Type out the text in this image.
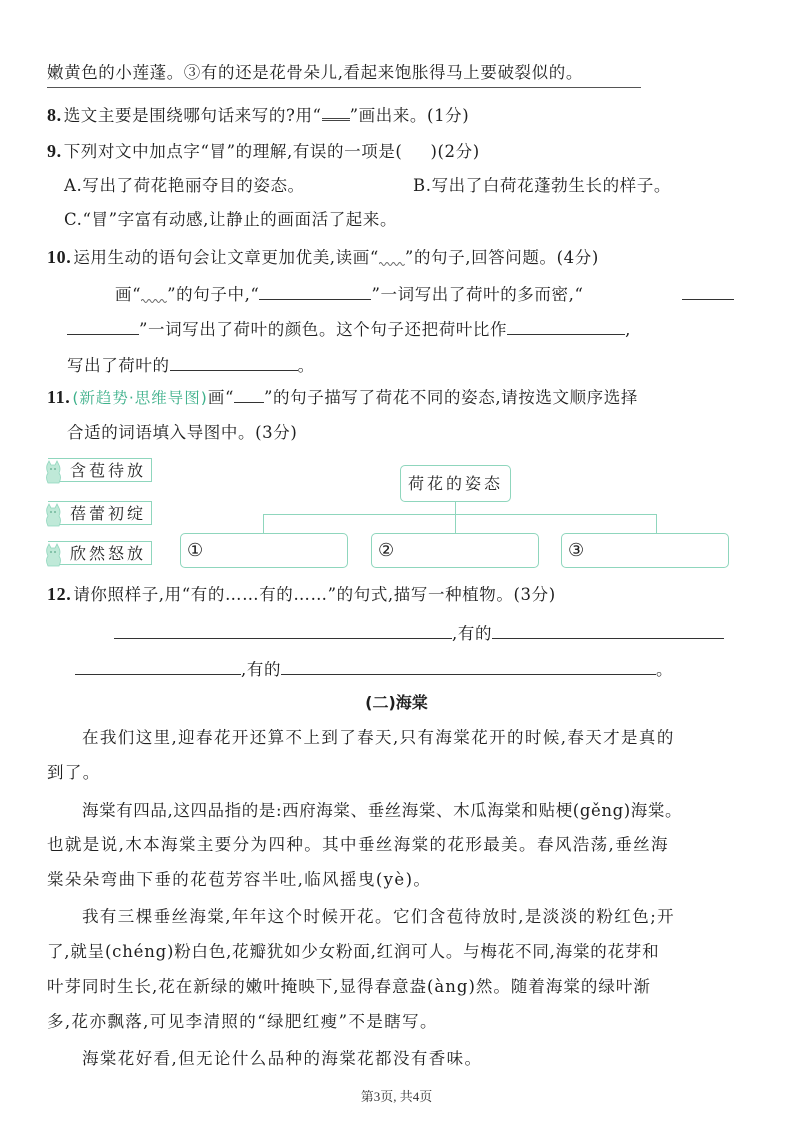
嫩黄色的小莲蓬。③有的还是花骨朵儿,看起来饱胀得马上要破裂似的。
8. 选文主要是围绕哪句话来写的?用“ ”画出来。(1分)
9. 下列对文中加点字“冒”的理解,有误的一项是( )(2分)
A.写出了荷花艳丽夺目的姿态。	B.写出了白荷花蓬勃生长的样子。
C.“冒”字富有动感,让静止的画面活了起来。
10. 运用生动的语句会让文章更加优美,读画“ ”的句子,回答问题。(4分)
画“ ”的句子中,“	”一词写出了荷叶的多而密,“
”一词写出了荷叶的颜色。这个句子还把荷叶比作	,
写出了荷叶的	。
11. (新趋势·思维导图)画“ ”的句子描写了荷花不同的姿态,请按选文顺序选择
合适的词语填入导图中。(3分)
含苞待放
蓓蕾初绽
欣然怒放
荷花的姿态
①	②	③
12. 请你照样子,用“有的……有的……”的句式,描写一种植物。(3分)
,有的
,有的	。
(二)海棠
在我们这里,迎春花开还算不上到了春天,只有海棠花开的时候,春天才是真的
到了。
海棠有四品,这四品指的是:西府海棠、垂丝海棠、木瓜海棠和贴梗(gěng)海棠。
也就是说,木本海棠主要分为四种。其中垂丝海棠的花形最美。春风浩荡,垂丝海
棠朵朵弯曲下垂的花苞芳容半吐,临风摇曳(yè)。
我有三棵垂丝海棠,年年这个时候开花。它们含苞待放时,是淡淡的粉红色;开
了,就呈(chéng)粉白色,花瓣犹如少女粉面,红润可人。与梅花不同,海棠的花芽和
叶芽同时生长,花在新绿的嫩叶掩映下,显得春意盎(àng)然。随着海棠的绿叶渐
多,花亦飘落,可见李清照的“绿肥红瘦”不是瞎写。
海棠花好看,但无论什么品种的海棠花都没有香味。
第3页, 共4页
